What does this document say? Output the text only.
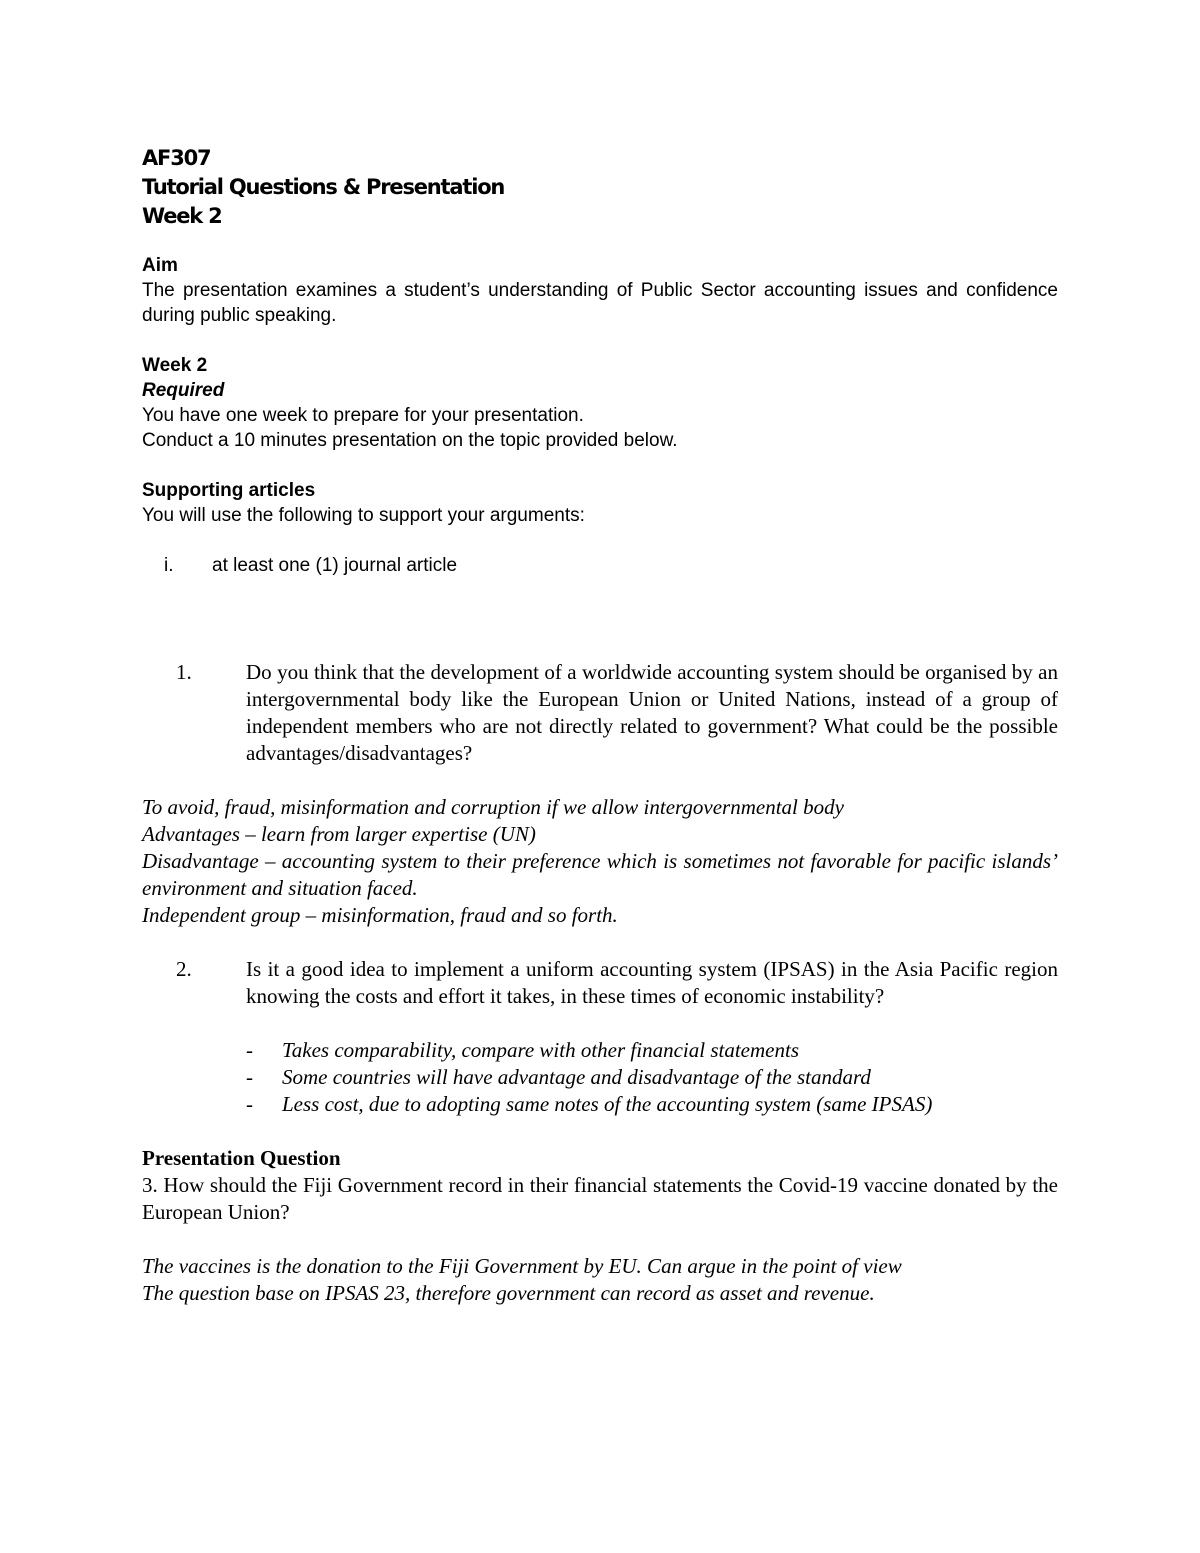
AF307
Tutorial Questions & Presentation
Week 2
Aim
The presentation examines a student’s understanding of Public Sector accounting issues and confidence during public speaking.
Week 2
Required
You have one week to prepare for your presentation.
Conduct a 10 minutes presentation on the topic provided below.
Supporting articles
You will use the following to support your arguments:
i. at least one (1) journal article
1.	Do you think that the development of a worldwide accounting system should be organised by an intergovernmental body like the European Union or United Nations, instead of a group of independent members who are not directly related to government? What could be the possible advantages/disadvantages?
To avoid, fraud, misinformation and corruption if we allow intergovernmental body
Advantages – learn from larger expertise (UN)
Disadvantage – accounting system to their preference which is sometimes not favorable for pacific islands’ environment and situation faced.
Independent group – misinformation, fraud and so forth.
2.	Is it a good idea to implement a uniform accounting system (IPSAS) in the Asia Pacific region knowing the costs and effort it takes, in these times of economic instability?
- Takes comparability, compare with other financial statements
- Some countries will have advantage and disadvantage of the standard
- Less cost, due to adopting same notes of the accounting system (same IPSAS)
Presentation Question
3. How should the Fiji Government record in their financial statements the Covid-19 vaccine donated by the European Union?
The vaccines is the donation to the Fiji Government by EU. Can argue in the point of view
The question base on IPSAS 23, therefore government can record as asset and revenue.
